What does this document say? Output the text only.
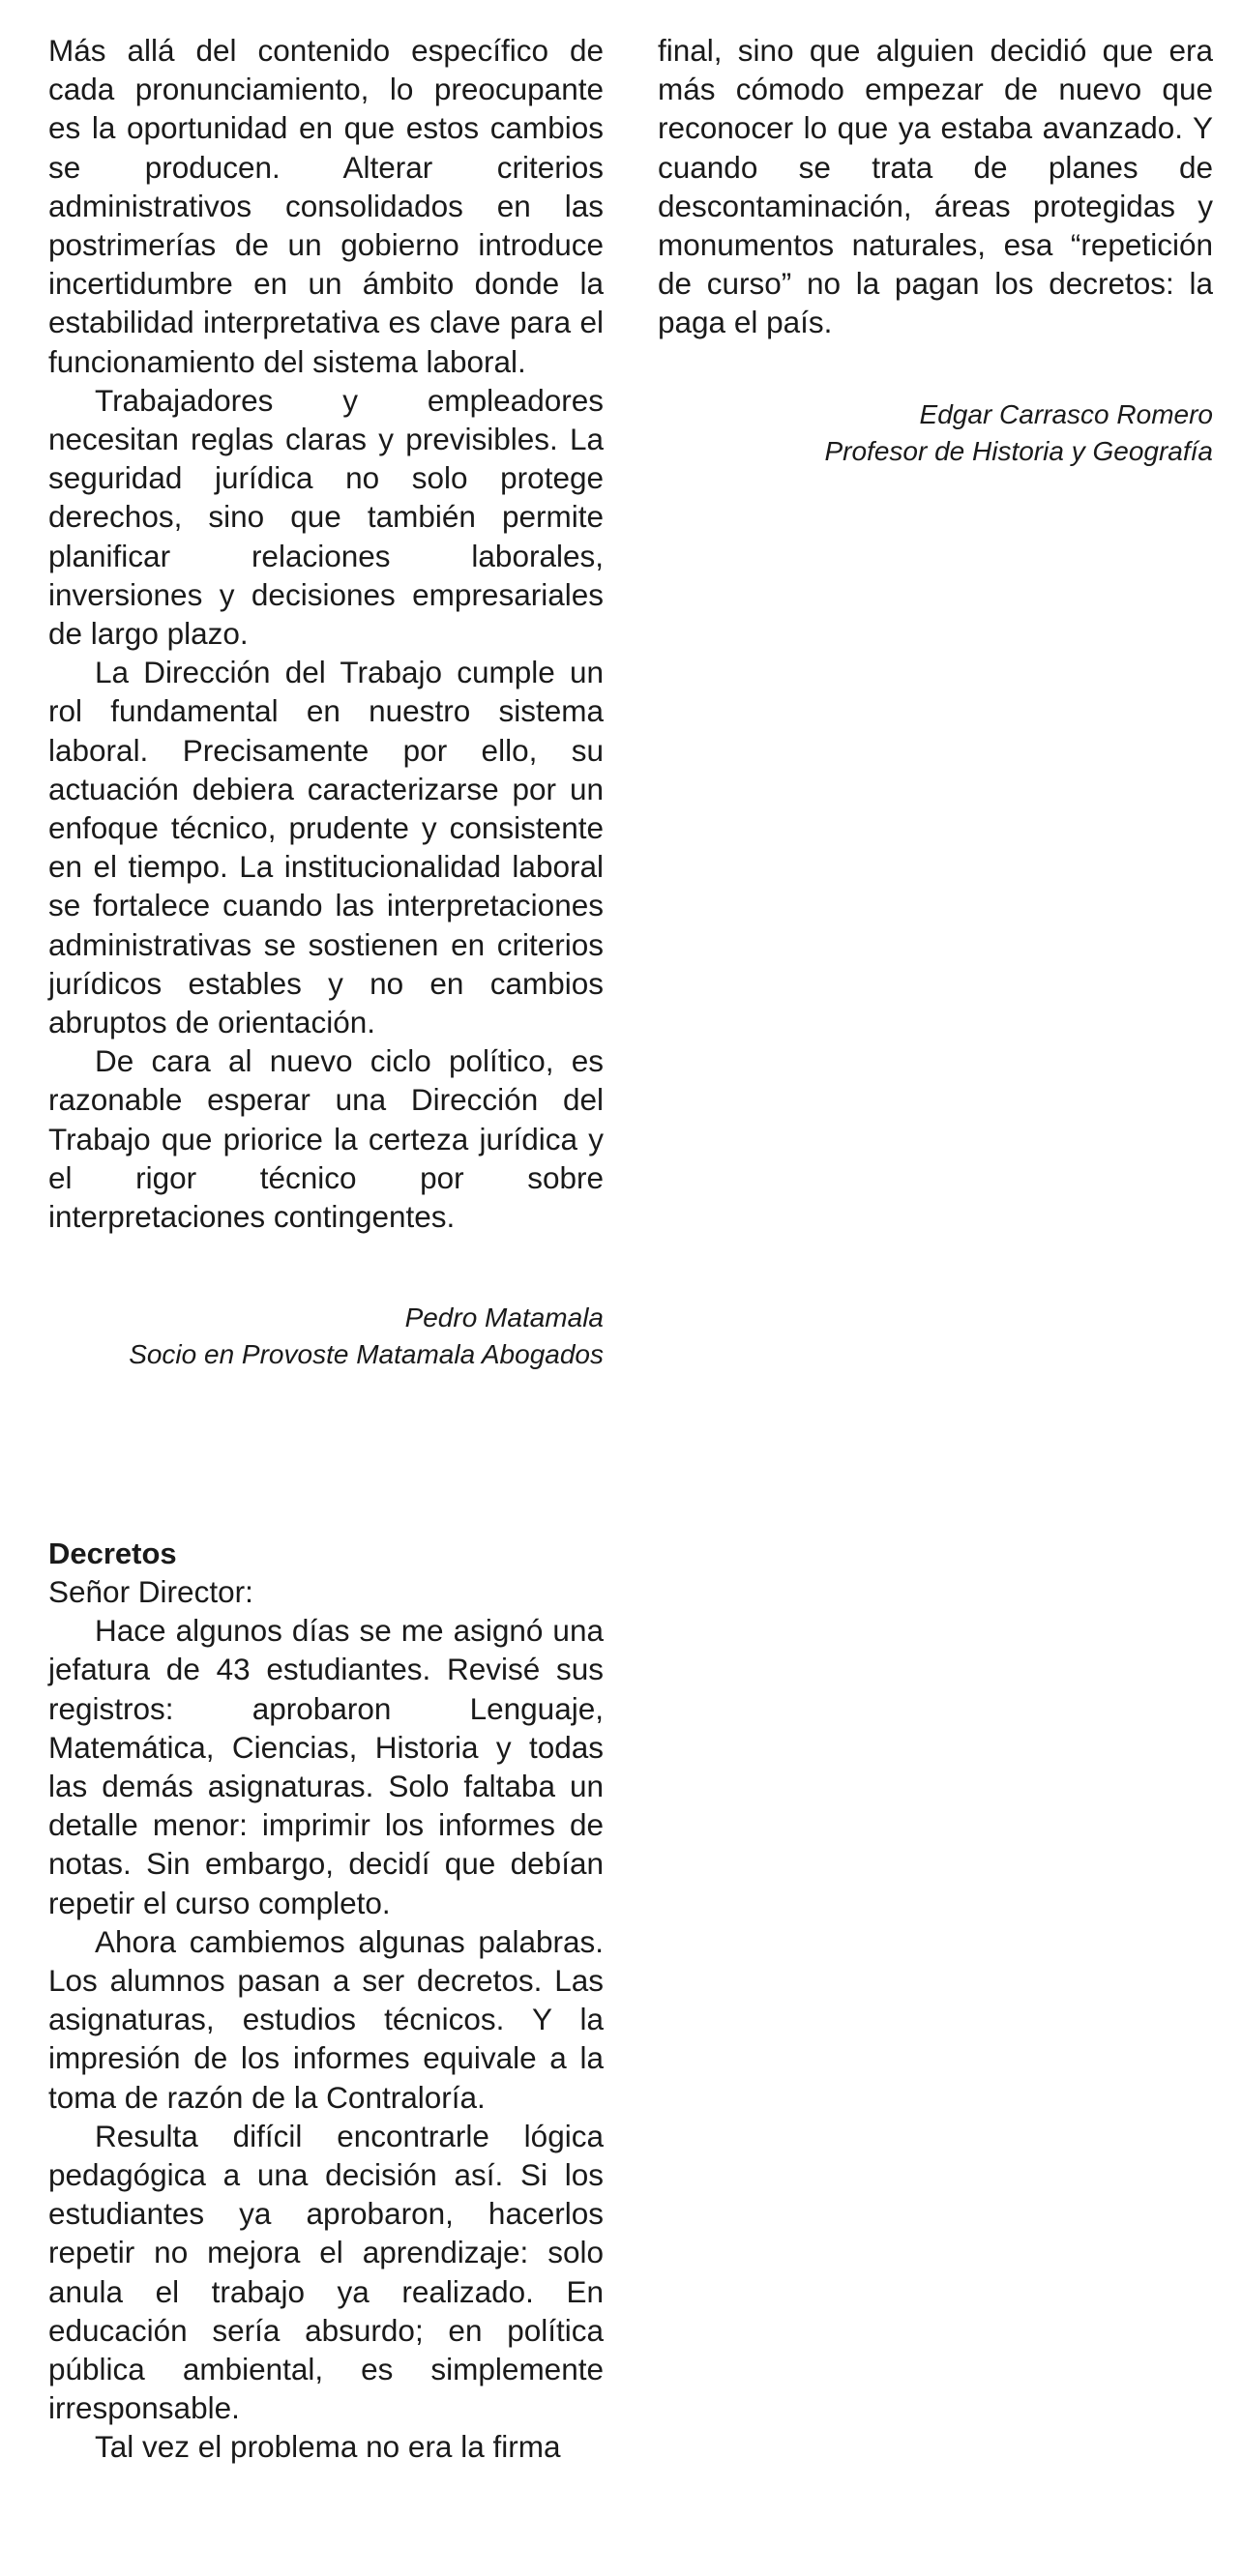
Más allá del contenido específico de cada pronunciamiento, lo preocupante es la oportunidad en que estos cambios se producen. Alterar criterios administrativos consolidados en las postrimerías de un gobierno introduce incertidumbre en un ámbito donde la estabilidad interpretativa es clave para el funcionamiento del sistema laboral.

Trabajadores y empleadores necesitan reglas claras y previsibles. La seguridad jurídica no solo protege derechos, sino que también permite planificar relaciones laborales, inversiones y decisiones empresariales de largo plazo.

La Dirección del Trabajo cumple un rol fundamental en nuestro sistema laboral. Precisamente por ello, su actuación debiera caracterizarse por un enfoque técnico, prudente y consistente en el tiempo. La institucionalidad laboral se fortalece cuando las interpretaciones administrativas se sostienen en criterios jurídicos estables y no en cambios abruptos de orientación.

De cara al nuevo ciclo político, es razonable esperar una Dirección del Trabajo que priorice la certeza jurídica y el rigor técnico por sobre interpretaciones contingentes.

Pedro Matamala
Socio en Provoste Matamala Abogados
Decretos

Señor Director:

Hace algunos días se me asignó una jefatura de 43 estudiantes. Revisé sus registros: aprobaron Lenguaje, Matemática, Ciencias, Historia y todas las demás asignaturas. Solo faltaba un detalle menor: imprimir los informes de notas. Sin embargo, decidí que debían repetir el curso completo.

Ahora cambiemos algunas palabras. Los alumnos pasan a ser decretos. Las asignaturas, estudios técnicos. Y la impresión de los informes equivale a la toma de razón de la Contraloría.

Resulta difícil encontrarle lógica pedagógica a una decisión así. Si los estudiantes ya aprobaron, hacerlos repetir no mejora el aprendizaje: solo anula el trabajo ya realizado. En educación sería absurdo; en política pública ambiental, es simplemente irresponsable.

Tal vez el problema no era la firma

final, sino que alguien decidió que era más cómodo empezar de nuevo que reconocer lo que ya estaba avanzado. Y cuando se trata de planes de descontaminación, áreas protegidas y monumentos naturales, esa “repetición de curso” no la pagan los decretos: la paga el país.

Edgar Carrasco Romero
Profesor de Historia y Geografía
